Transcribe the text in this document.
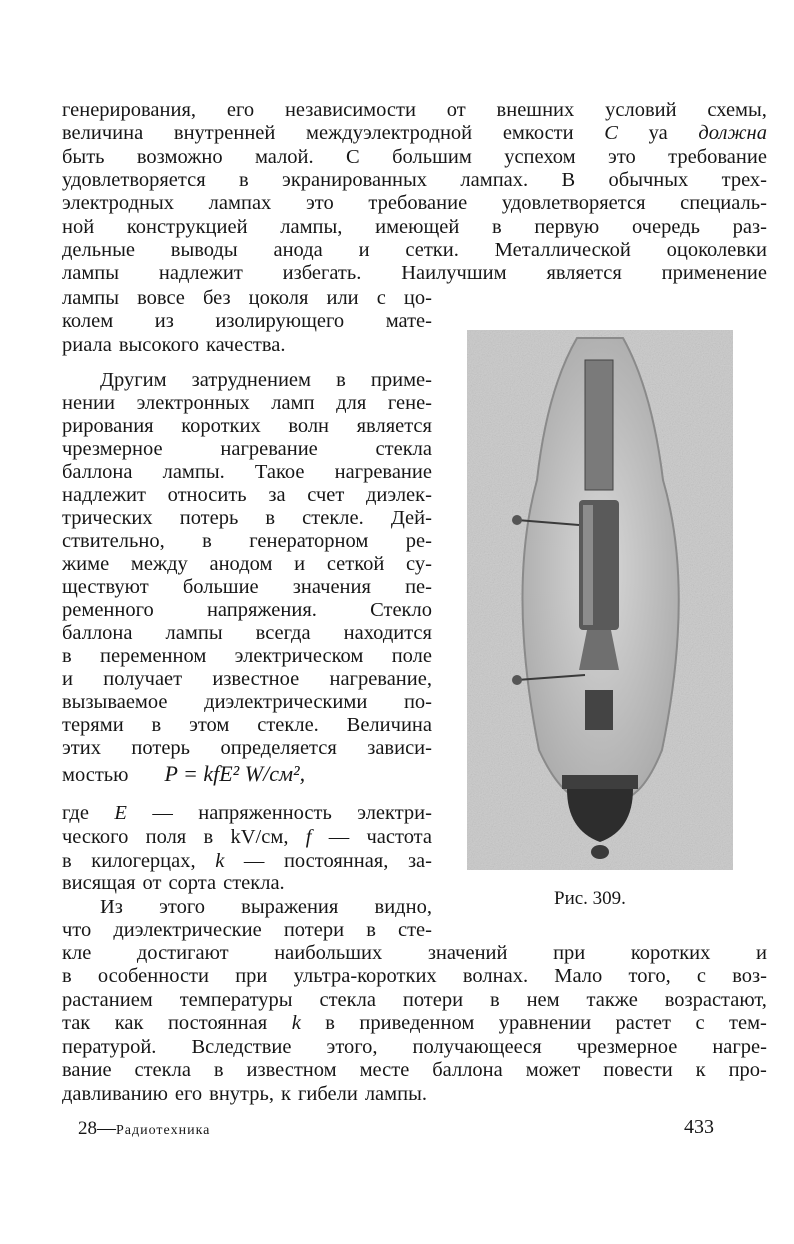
генерирования, его независимости от внешних условий схемы,
величина внутренней междуэлектродной емкости C уа должна
быть возможно малой. С большим успехом это требование
удовлетворяется в экранированных лампах. В обычных трех-
электродных лампах это требование удовлетворяется специаль-
ной конструкцией лампы, имеющей в первую очередь раз-
дельные выводы анода и сетки. Металлической оцоколевки
лампы надлежит избегать. Наилучшим является применение
лампы вовсе без цоколя или с цо-
колем из изолирующего мате-
риала высокого качества.
Другим затруднением в приме-
нении электронных ламп для гене-
рирования коротких волн является
чрезмерное	нагревание	стекла
баллона лампы. Такое нагревание
надлежит относить за счет диэлек-
трических потерь в стекле. Дей-
ствительно, в генераторном ре-
жиме между анодом и сеткой су-
ществуют большие значения пе-
ременного	напряжения.	Стекло
баллона лампы всегда находится
в переменном электрическом поле
и получает известное нагревание,
вызываемое диэлектрическими по-
терями в этом стекле. Величина
этих потерь определяется зависи-
где E — напряженность электри-
ческого поля в kV/см, f — частота
в килогерцах, k — постоянная, за-
висящая от сорта стекла.
Из этого выражения видно,
что диэлектрические потери в сте-
кле достигают наибольших значений при коротких и
в особенности при ультра-коротких волнах. Мало того, с воз-
растанием температуры стекла потери в нем также возрастают,
так как постоянная k в приведенном уравнении растет с тем-
пературой. Вследствие этого, получающееся чрезмерное нагре-
вание стекла в известном месте баллона может повести к про-
давливанию его внутрь, к гибели лампы.
мостью P = kfE² W/см²,
Рис. 309.
28—Радиотехника	433
